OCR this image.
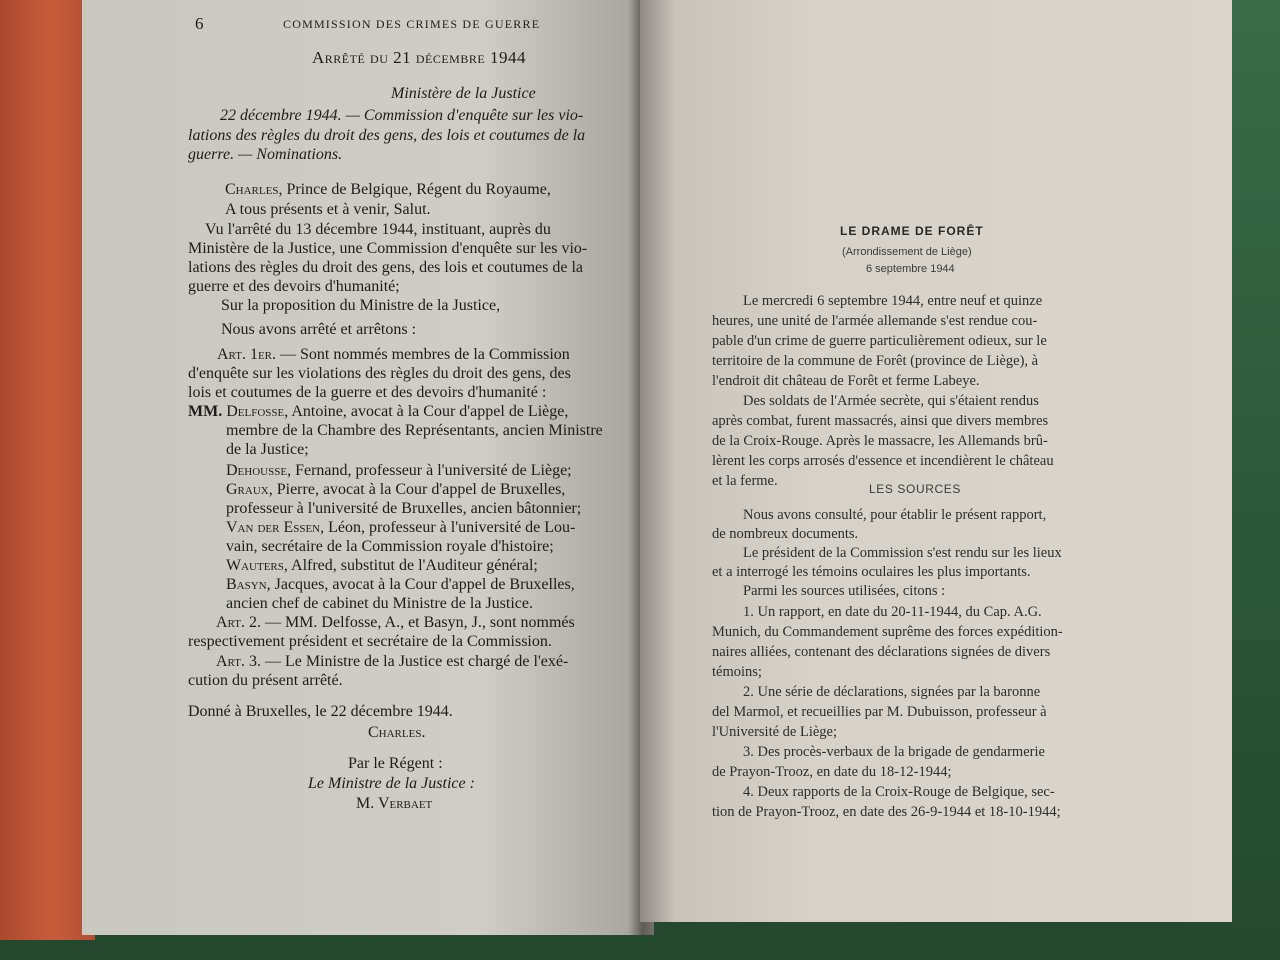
6	COMMISSION DES CRIMES DE GUERRE

Arrêté du 21 décembre 1944

Ministère de la Justice

22 décembre 1944. — Commission d'enquête sur les vio-

lations des règles du droit des gens, des lois et coutumes de la

guerre. — Nominations.

Charles, Prince de Belgique, Régent du Royaume,

A tous présents et à venir, Salut.

Vu l'arrêté du 13 décembre 1944, instituant, auprès du

Ministère de la Justice, une Commission d'enquête sur les vio-

lations des règles du droit des gens, des lois et coutumes de la

guerre et des devoirs d'humanité;

Sur la proposition du Ministre de la Justice,

Nous avons arrêté et arrêtons :

Art. 1er. — Sont nommés membres de la Commission

d'enquête sur les violations des règles du droit des gens, des

lois et coutumes de la guerre et des devoirs d'humanité :

MM. Delfosse, Antoine, avocat à la Cour d'appel de Liège,

membre de la Chambre des Représentants, ancien Ministre

de la Justice;

Dehousse, Fernand, professeur à l'université de Liège;

Graux, Pierre, avocat à la Cour d'appel de Bruxelles,

professeur à l'université de Bruxelles, ancien bâtonnier;

Van der Essen, Léon, professeur à l'université de Lou-

vain, secrétaire de la Commission royale d'histoire;

Wauters, Alfred, substitut de l'Auditeur général;

Basyn, Jacques, avocat à la Cour d'appel de Bruxelles,

ancien chef de cabinet du Ministre de la Justice.

Art. 2. — MM. Delfosse, A., et Basyn, J., sont nommés

respectivement président et secrétaire de la Commission.

Art. 3. — Le Ministre de la Justice est chargé de l'exé-

cution du présent arrêté.

Donné à Bruxelles, le 22 décembre 1944.

Charles.

Par le Régent :

Le Ministre de la Justice :

M. Verbaet

LE DRAME DE FORÊT

(Arrondissement de Liège)

6 septembre 1944

Le mercredi 6 septembre 1944, entre neuf et quinze

heures, une unité de l'armée allemande s'est rendue cou-

pable d'un crime de guerre particulièrement odieux, sur le

territoire de la commune de Forêt (province de Liège), à

l'endroit dit château de Forêt et ferme Labeye.

Des soldats de l'Armée secrète, qui s'étaient rendus

après combat, furent massacrés, ainsi que divers membres

de la Croix-Rouge. Après le massacre, les Allemands brû-

lèrent les corps arrosés d'essence et incendièrent le château

et la ferme.	LES SOURCES

Nous avons consulté, pour établir le présent rapport,

de nombreux documents.

Le président de la Commission s'est rendu sur les lieux

et a interrogé les témoins oculaires les plus importants.

Parmi les sources utilisées, citons :

1. Un rapport, en date du 20-11-1944, du Cap. A.G.

Munich, du Commandement suprême des forces expédition-

naires alliées, contenant des déclarations signées de divers

témoins;

2. Une série de déclarations, signées par la baronne

del Marmol, et recueillies par M. Dubuisson, professeur à

l'Université de Liège;

3. Des procès-verbaux de la brigade de gendarmerie

de Prayon-Trooz, en date du 18-12-1944;

4. Deux rapports de la Croix-Rouge de Belgique, sec-

tion de Prayon-Trooz, en date des 26-9-1944 et 18-10-1944;
